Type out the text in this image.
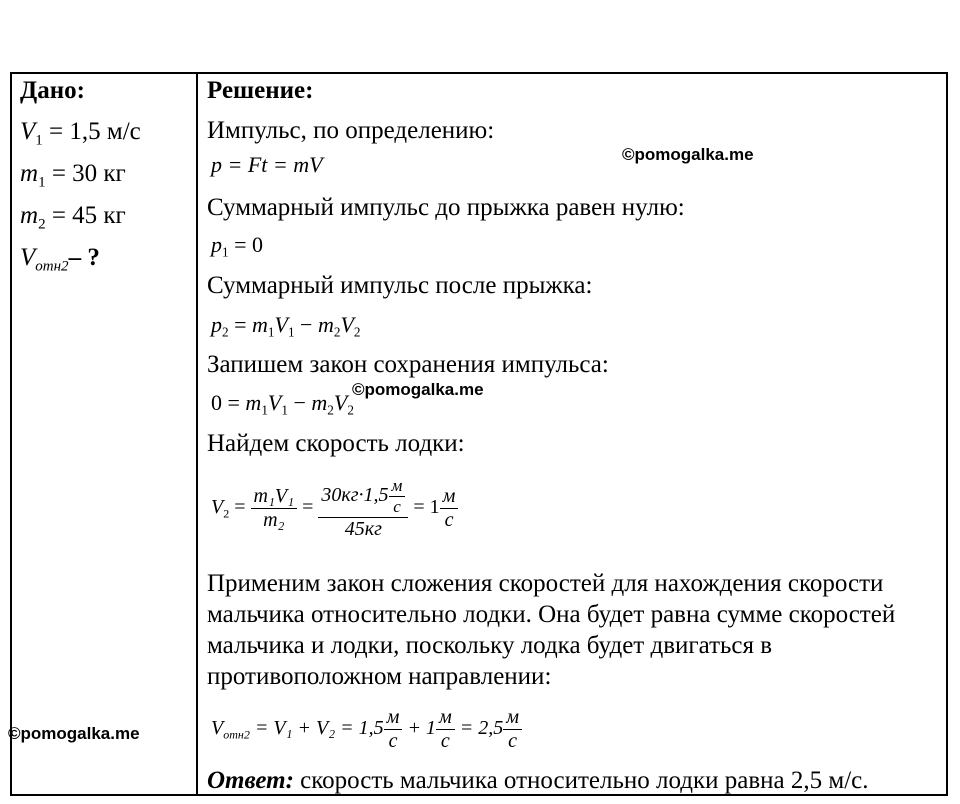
Дано:
$V_1 = 1,5$ м/с
$m_1 = 30$ кг
$m_2 = 45$ кг
$V_{отн2}-$ ?
Решение:
Импульс, по определению:
p = Ft = mV
Суммарный импульс до прыжка равен нулю:
$p_1 = 0$
Суммарный импульс после прыжка:
$p_2 = m_1V_1 - m_2V_2$
Запишем закон сохранения импульса:
$0 = m_1V_1 - m_2V_2$
Найдем скорость лодки:
$V_2 = \frac{\text{m₁V₁}}{\text{m₂}} = \frac{30кг\cdot 1,5 \frac{м}{с}}{45кг} = 1 \frac{м}{с}$
Применим закон сложения скоростей для нахождения скорости мальчика относительно лодки. Она будет равна сумме скоростей мальчика и лодки, поскольку лодка будет двигаться в противоположном направлении:
$V_{отн2} = V_1 + V_2 = 1,5 \frac{м}{с} + 1 \frac{м}{с} = 2,5 \frac{м}{с}$
Ответ: скорость мальчика относительно лодки равна 2,5 м/с.
©pomogalka.me
©pomogalka.me
©pomogalka.me
